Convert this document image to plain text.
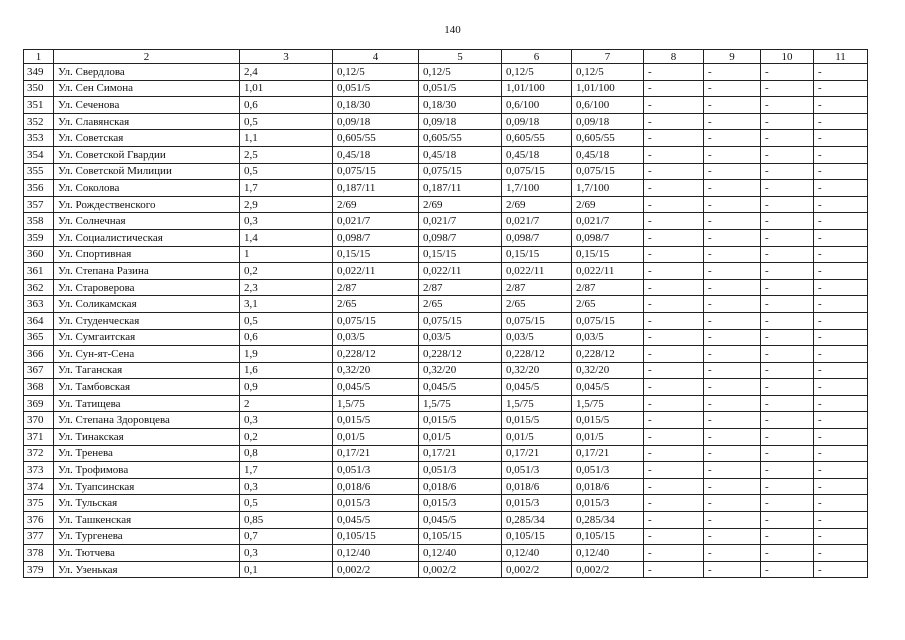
140
1	2	3	4	5	6	7	8	9	10	11
349	Ул. Свердлова	2,4	0,12/5	0,12/5	0,12/5	0,12/5	-	-	-	-
350	Ул. Сен Симона	1,01	0,051/5	0,051/5	1,01/100	1,01/100	-	-	-	-
351	Ул. Сеченова	0,6	0,18/30	0,18/30	0,6/100	0,6/100	-	-	-	-
352	Ул. Славянская	0,5	0,09/18	0,09/18	0,09/18	0,09/18	-	-	-	-
353	Ул. Советская	1,1	0,605/55	0,605/55	0,605/55	0,605/55	-	-	-	-
354	Ул. Советской Гвардии	2,5	0,45/18	0,45/18	0,45/18	0,45/18	-	-	-	-
355	Ул. Советской Милиции	0,5	0,075/15	0,075/15	0,075/15	0,075/15	-	-	-	-
356	Ул. Соколова	1,7	0,187/11	0,187/11	1,7/100	1,7/100	-	-	-	-
357	Ул. Рождественского	2,9	2/69	2/69	2/69	2/69	-	-	-	-
358	Ул. Солнечная	0,3	0,021/7	0,021/7	0,021/7	0,021/7	-	-	-	-
359	Ул. Социалистическая	1,4	0,098/7	0,098/7	0,098/7	0,098/7	-	-	-	-
360	Ул. Спортивная	1	0,15/15	0,15/15	0,15/15	0,15/15	-	-	-	-
361	Ул. Степана Разина	0,2	0,022/11	0,022/11	0,022/11	0,022/11	-	-	-	-
362	Ул. Староверова	2,3	2/87	2/87	2/87	2/87	-	-	-	-
363	Ул. Соликамская	3,1	2/65	2/65	2/65	2/65	-	-	-	-
364	Ул. Студенческая	0,5	0,075/15	0,075/15	0,075/15	0,075/15	-	-	-	-
365	Ул. Сумгаитская	0,6	0,03/5	0,03/5	0,03/5	0,03/5	-	-	-	-
366	Ул. Сун-ят-Сена	1,9	0,228/12	0,228/12	0,228/12	0,228/12	-	-	-	-
367	Ул. Таганская	1,6	0,32/20	0,32/20	0,32/20	0,32/20	-	-	-	-
368	Ул. Тамбовская	0,9	0,045/5	0,045/5	0,045/5	0,045/5	-	-	-	-
369	Ул. Татищева	2	1,5/75	1,5/75	1,5/75	1,5/75	-	-	-	-
370	Ул. Степана Здоровцева	0,3	0,015/5	0,015/5	0,015/5	0,015/5	-	-	-	-
371	Ул. Тинакская	0,2	0,01/5	0,01/5	0,01/5	0,01/5	-	-	-	-
372	Ул. Тренева	0,8	0,17/21	0,17/21	0,17/21	0,17/21	-	-	-	-
373	Ул. Трофимова	1,7	0,051/3	0,051/3	0,051/3	0,051/3	-	-	-	-
374	Ул. Туапсинская	0,3	0,018/6	0,018/6	0,018/6	0,018/6	-	-	-	-
375	Ул. Тульская	0,5	0,015/3	0,015/3	0,015/3	0,015/3	-	-	-	-
376	Ул. Ташкенская	0,85	0,045/5	0,045/5	0,285/34	0,285/34	-	-	-	-
377	Ул. Тургенева	0,7	0,105/15	0,105/15	0,105/15	0,105/15	-	-	-	-
378	Ул. Тютчева	0,3	0,12/40	0,12/40	0,12/40	0,12/40	-	-	-	-
379	Ул. Узенькая	0,1	0,002/2	0,002/2	0,002/2	0,002/2	-	-	-	-
